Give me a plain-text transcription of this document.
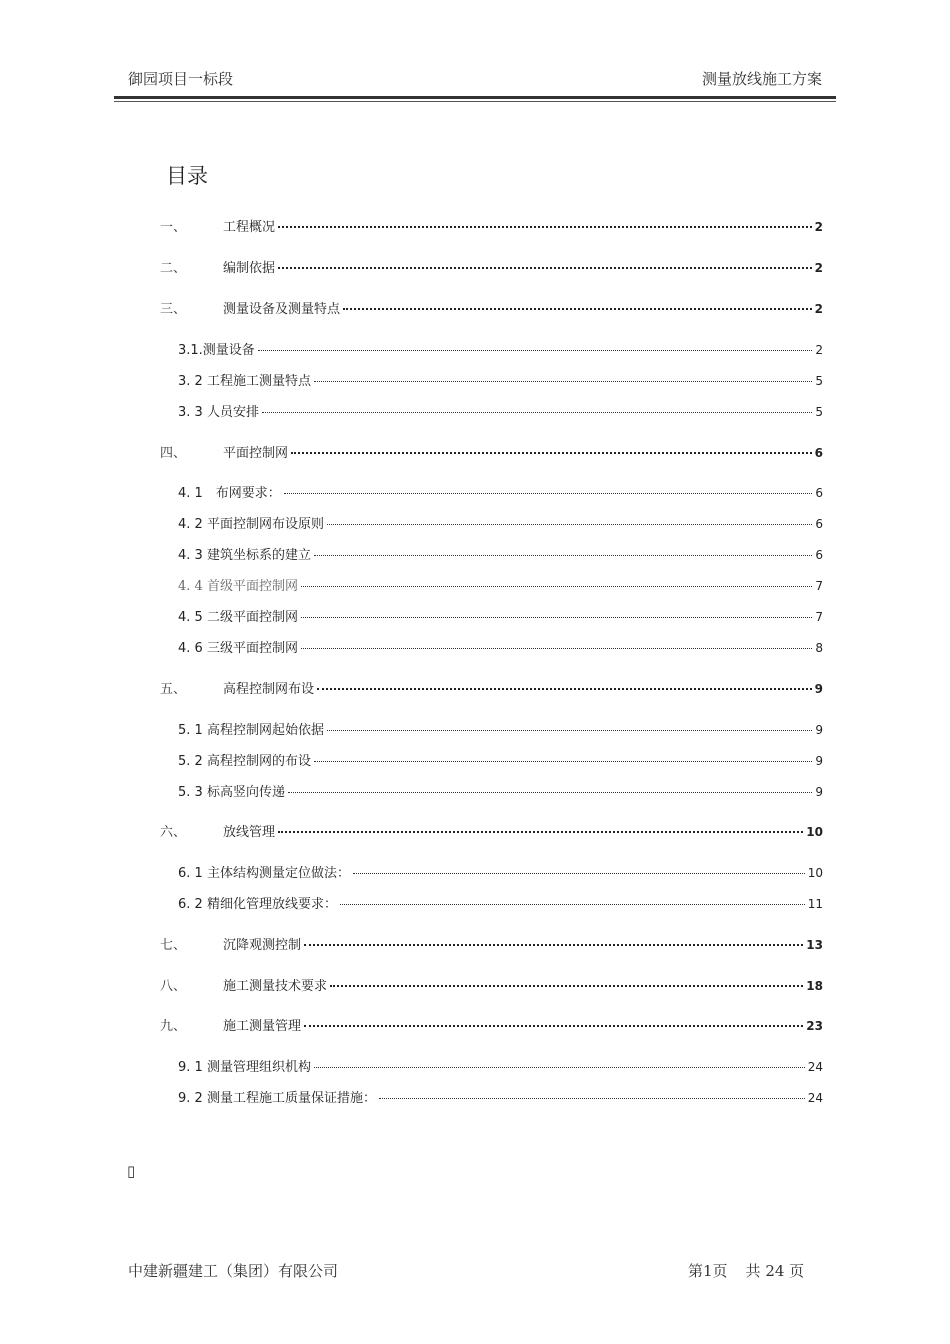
御园项目一标段	测量放线施工方案
目录
一、	工程概况	2
二、	编制依据	2
三、	测量设备及测量特点	2
3.1.测量设备	2
3. 2 工程施工测量特点	5
3. 3 人员安排	5
四、	平面控制网	6
4. 1　布网要求：	6
4. 2 平面控制网布设原则	6
4. 3 建筑坐标系的建立	6
4. 4 首级平面控制网	7
4. 5 二级平面控制网	7
4. 6 三级平面控制网	8
五、	高程控制网布设	9
5. 1 高程控制网起始依据	9
5. 2 高程控制网的布设	9
5. 3 标高竖向传递	9
六、	放线管理	10
6. 1 主体结构测量定位做法：	10
6. 2 精细化管理放线要求：	11
七、	沉降观测控制	13
八、	施工测量技术要求	18
九、	施工测量管理	23
9. 1 测量管理组织机构	24
9. 2 测量工程施工质量保证措施：	24
▯
中建新疆建工（集团）有限公司	第1页 共 24 页
